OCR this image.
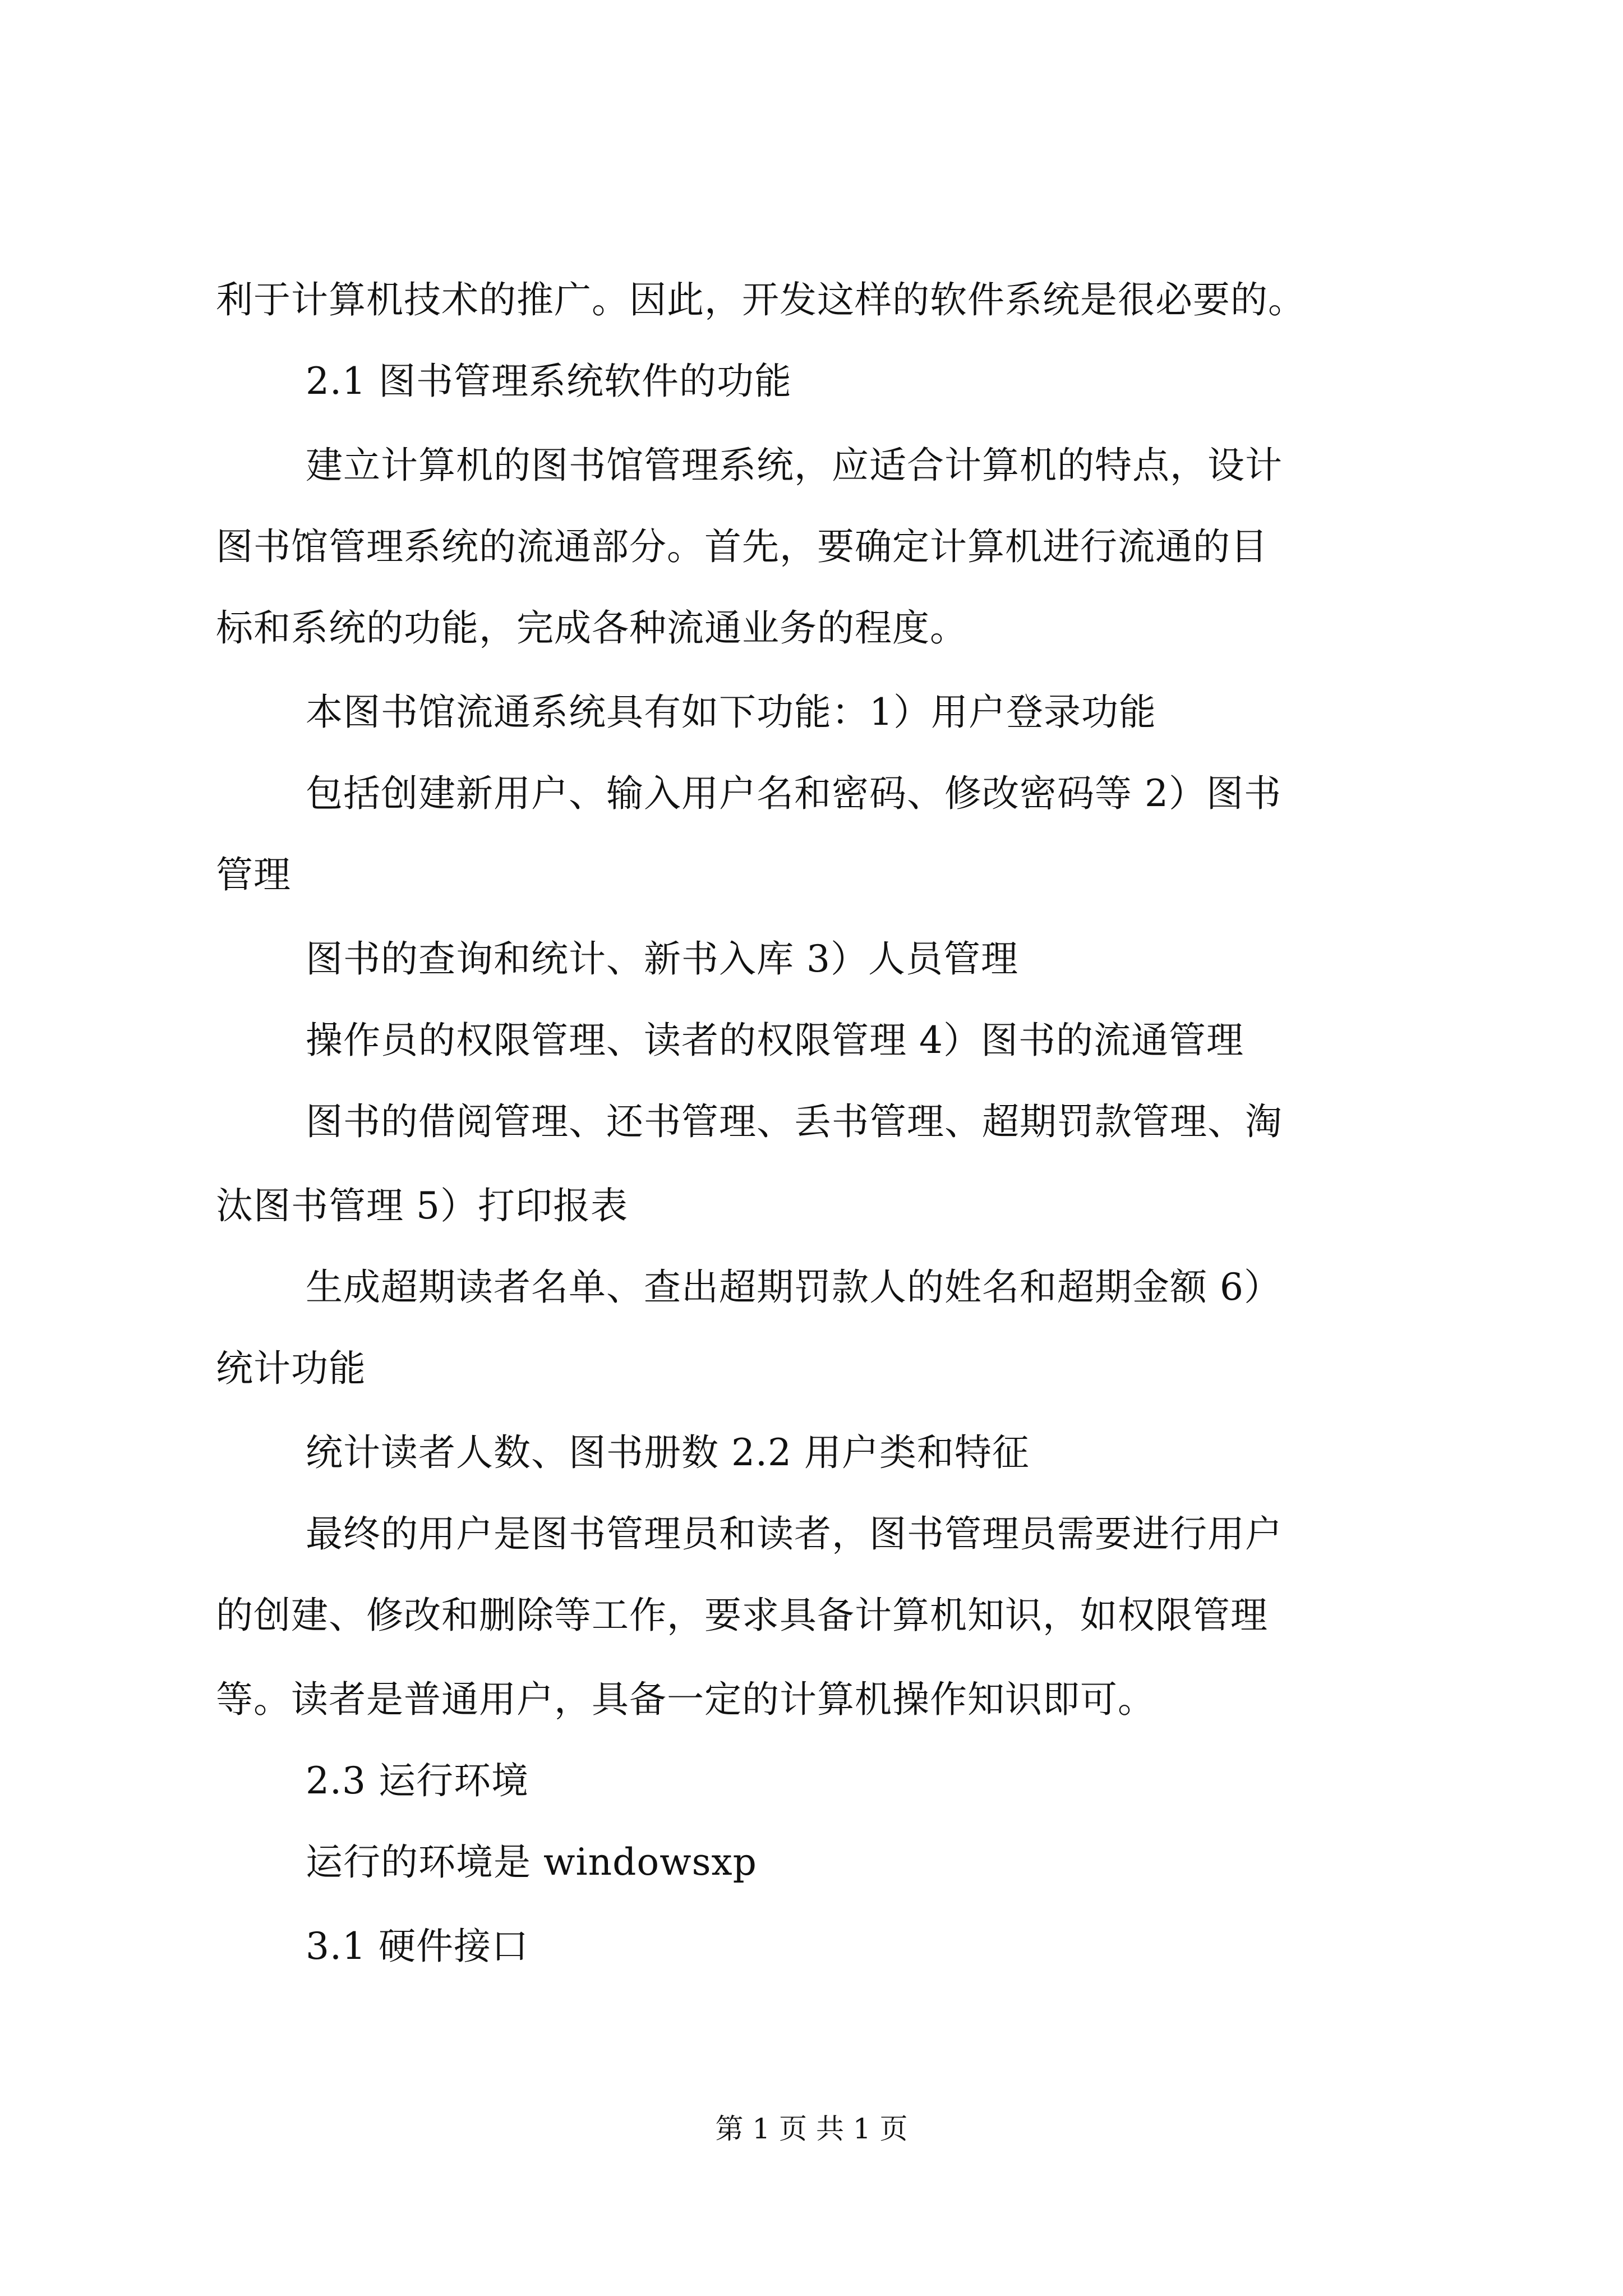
利于计算机技术的推广。因此，开发这样的软件系统是很必要的。
2.1 图书管理系统软件的功能
建立计算机的图书馆管理系统，应适合计算机的特点，设计
图书馆管理系统的流通部分。首先，要确定计算机进行流通的目
标和系统的功能，完成各种流通业务的程度。
本图书馆流通系统具有如下功能：1）用户登录功能
包括创建新用户、输入用户名和密码、修改密码等 2）图书
管理
图书的查询和统计、新书入库 3）人员管理
操作员的权限管理、读者的权限管理 4）图书的流通管理
图书的借阅管理、还书管理、丢书管理、超期罚款管理、淘
汰图书管理 5）打印报表
生成超期读者名单、查出超期罚款人的姓名和超期金额 6）
统计功能
统计读者人数、图书册数 2.2 用户类和特征
最终的用户是图书管理员和读者，图书管理员需要进行用户
的创建、修改和删除等工作，要求具备计算机知识，如权限管理
等。读者是普通用户，具备一定的计算机操作知识即可。
2.3 运行环境
运行的环境是 windowsxp
3.1 硬件接口
第 1 页 共 1 页
